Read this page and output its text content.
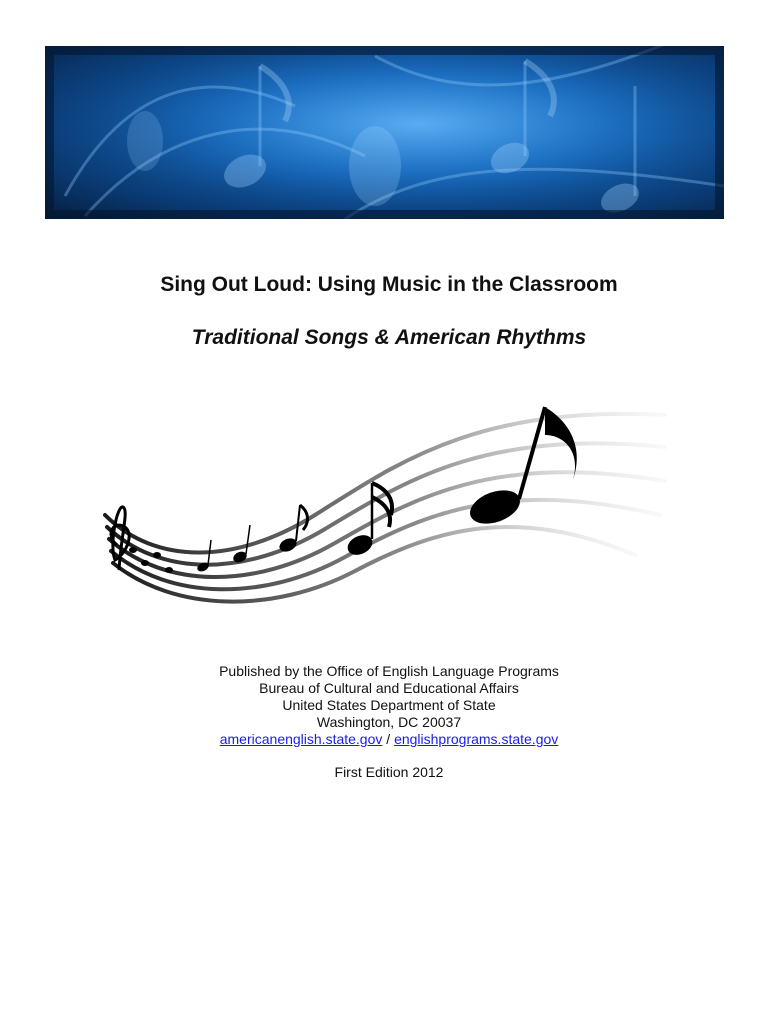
Sing Out Loud: Using Music in the Classroom
Traditional Songs & American Rhythms
Published by the Office of English Language Programs
Bureau of Cultural and Educational Affairs
United States Department of State
Washington, DC 20037
americanenglish.state.gov / englishprograms.state.gov
First Edition 2012
